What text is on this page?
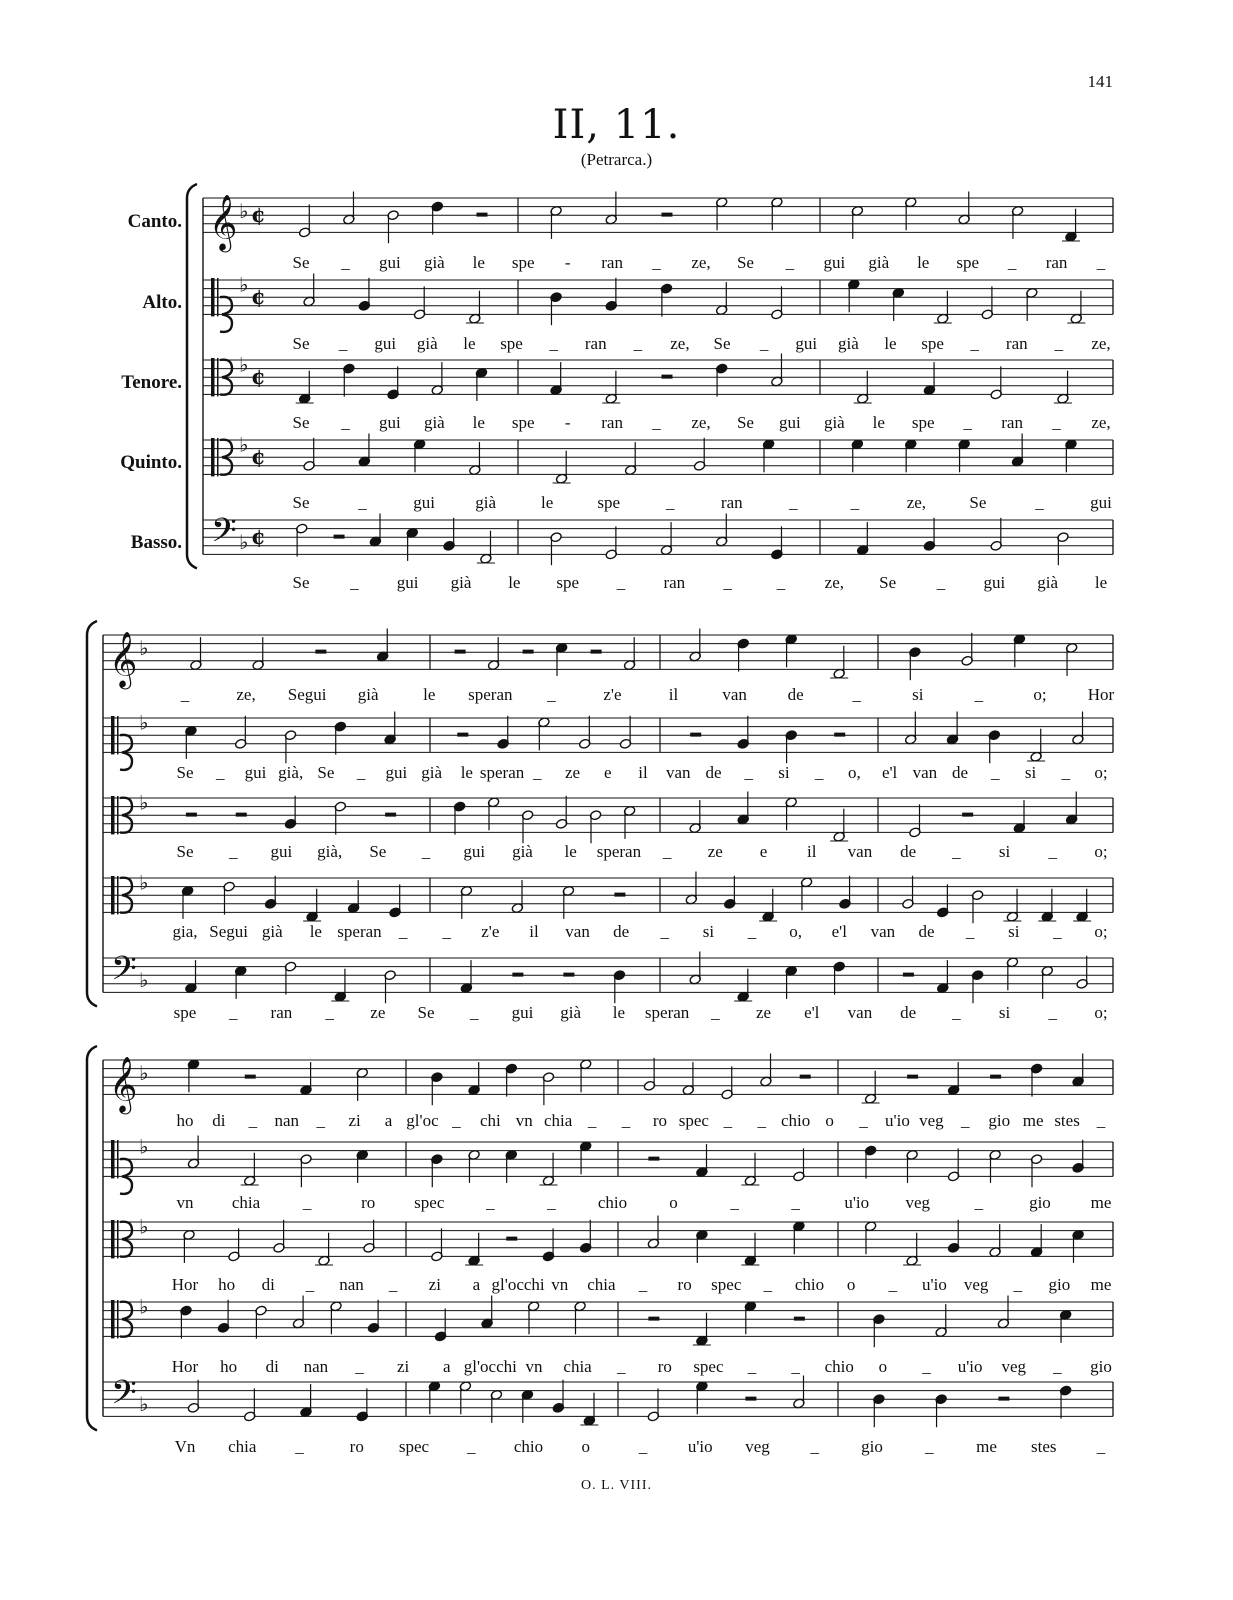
141
II, 11.
(Petrarca.)
Canto.
Alto.
Tenore.
Quinto.
Basso.
𝄞 ♭ ¢
Se _ gui già le spe - ran _ ze, Se _ gui già le spe _ ran _
♭ ¢
Se _ gui già le spe _ ran _ ze, Se _ gui già le spe _ ran _ ze,
♭ ¢
Se _ gui già le spe - ran _ ze, Se gui già le spe _ ran _ ze,
♭ ¢
Se	_	gui già	le	spe	_	ran	_	_	ze,	Se	_	gui
𝄢 ♭ ¢
Se _ gui già le spe _ ran _	_ ze, Se _ gui già le
𝄞 ♭
_	ze, Segui già	le speran _	z'e	il	van de	_	si	_	o; Hor
♭
Se _ gui già, Se _ gui già le speran _ ze e il van de _ si _ o, e'l van de _ si _ o;
♭
Se _ gui già, Se _ gui già le speran _ ze e il van de _ si _ o;
♭
gia, Segui già le speran _ _ z'e il van de _ si _ o, e'l van de _ si _ o;
𝄢 ♭
spe _ ran _ ze Se _ gui già le speran _ ze e'l van de _ si _ o;
𝄞 ♭
ho di _ nan _ zi a gl'oc _ chi vn chia _ _ ro spec _ _ chio o _ u'io veg _ gio me stes _
♭
vn chia	_	ro spec _	_ chio o	_	_	u'io veg	_	gio me
♭
Hor ho di _ nan _ zi a gl'occhi vn chia _ ro spec _ chio o _ u'io veg _ gio me
♭
Hor ho di nan _ zi a gl'occhi vn chia _ ro spec _ _ chio o _ u'io veg _ gio
𝄢 ♭
Vn chia _	ro spec _ chio o	_ u'io veg _ gio _	me stes _
O. L. VIII.
